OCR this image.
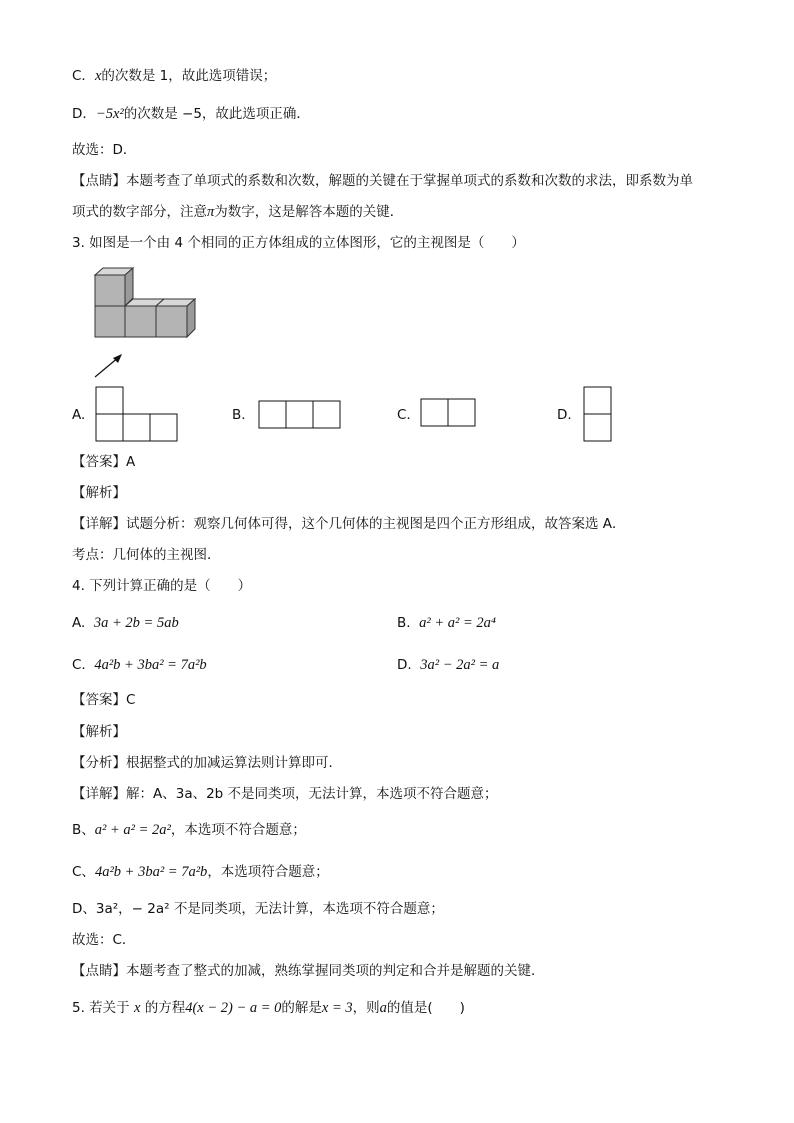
C．x的次数是 1，故此选项错误；
D．−5x²的次数是 −5，故此选项正确．
故选：D．
【点睛】本题考查了单项式的系数和次数，解题的关键在于掌握单项式的系数和次数的求法，即系数为单
项式的数字部分，注意π为数字，这是解答本题的关键．
3. 如图是一个由 4 个相同的正方体组成的立体图形，它的主视图是（　　）
A.	B.	C.	D.
【答案】A
【解析】
【详解】试题分析：观察几何体可得，这个几何体的主视图是四个正方形组成，故答案选 A．
考点：几何体的主视图．
4. 下列计算正确的是（　　）
A. 3a + 2b = 5ab	B. a² + a² = 2a⁴
C. 4a²b + 3ba² = 7a²b	D. 3a² − 2a² = a
【答案】C
【解析】
【分析】根据整式的加减运算法则计算即可．
【详解】解：A、3a、2b 不是同类项，无法计算，本选项不符合题意；
B、a² + a² = 2a²，本选项不符合题意；
C、4a²b + 3ba² = 7a²b，本选项符合题意；
D、3a²，− 2a² 不是同类项，无法计算，本选项不符合题意；
故选：C．
【点睛】本题考查了整式的加减，熟练掌握同类项的判定和合并是解题的关键．
5. 若关于 x 的方程4(x − 2) − a = 0的解是x = 3，则a的值是(　　)
